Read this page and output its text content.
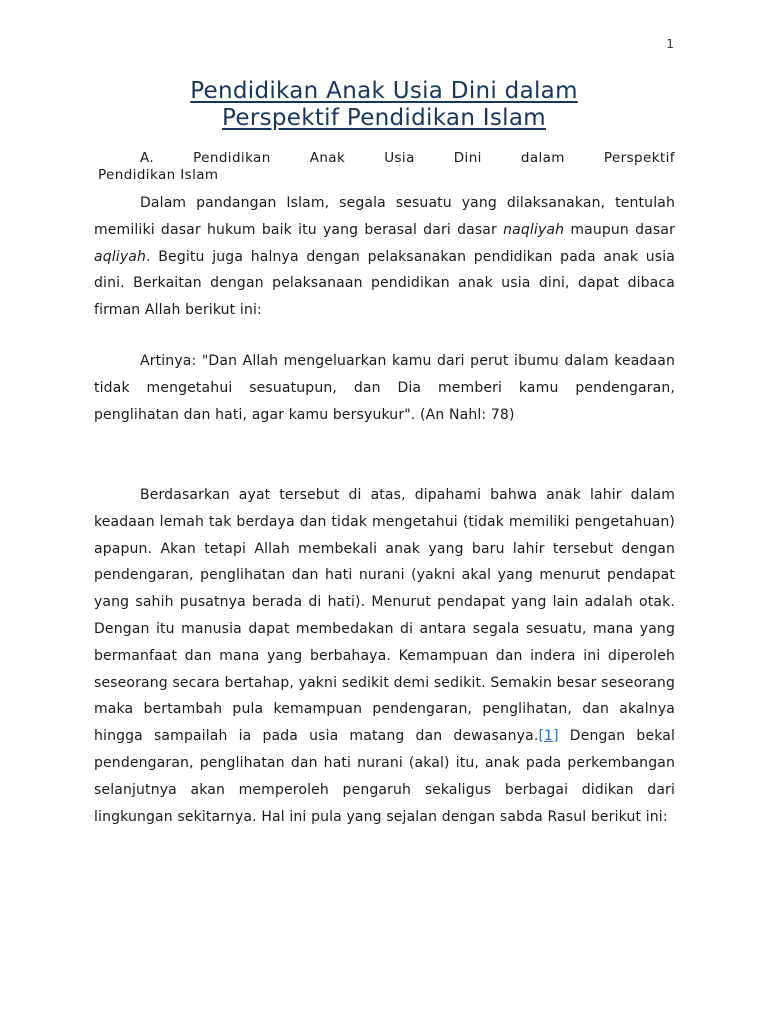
1
Pendidikan Anak Usia Dini dalam
Perspektif Pendidikan Islam
A.	Pendidikan	Anak	Usia	Dini	dalam	Perspektif
Pendidikan Islam

Dalam pandangan Islam, segala sesuatu yang dilaksanakan, tentulah memiliki dasar hukum baik itu yang berasal dari dasar naqliyah maupun dasar aqliyah. Begitu juga halnya dengan pelaksanakan pendidikan pada anak usia dini. Berkaitan dengan pelaksanaan pendidikan anak usia dini, dapat dibaca firman Allah berikut ini:

Artinya: "Dan Allah mengeluarkan kamu dari perut ibumu dalam keadaan tidak mengetahui sesuatupun, dan Dia memberi kamu pendengaran, penglihatan dan hati, agar kamu bersyukur". (An Nahl: 78)

Berdasarkan ayat tersebut di atas, dipahami bahwa anak lahir dalam keadaan lemah tak berdaya dan tidak mengetahui (tidak memiliki pengetahuan) apapun. Akan tetapi Allah membekali anak yang baru lahir tersebut dengan pendengaran, penglihatan dan hati nurani (yakni akal yang menurut pendapat yang sahih pusatnya berada di hati). Menurut pendapat yang lain adalah otak. Dengan itu manusia dapat membedakan di antara segala sesuatu, mana yang bermanfaat dan mana yang berbahaya. Kemampuan dan indera ini diperoleh seseorang secara bertahap, yakni sedikit demi sedikit. Semakin besar seseorang maka bertambah pula kemampuan pendengaran, penglihatan, dan akalnya hingga sampailah ia pada usia matang dan dewasanya.[1] Dengan bekal pendengaran, penglihatan dan hati nurani (akal) itu, anak pada perkembangan selanjutnya akan memperoleh pengaruh sekaligus berbagai didikan dari lingkungan sekitarnya. Hal ini pula yang sejalan dengan sabda Rasul berikut ini:
